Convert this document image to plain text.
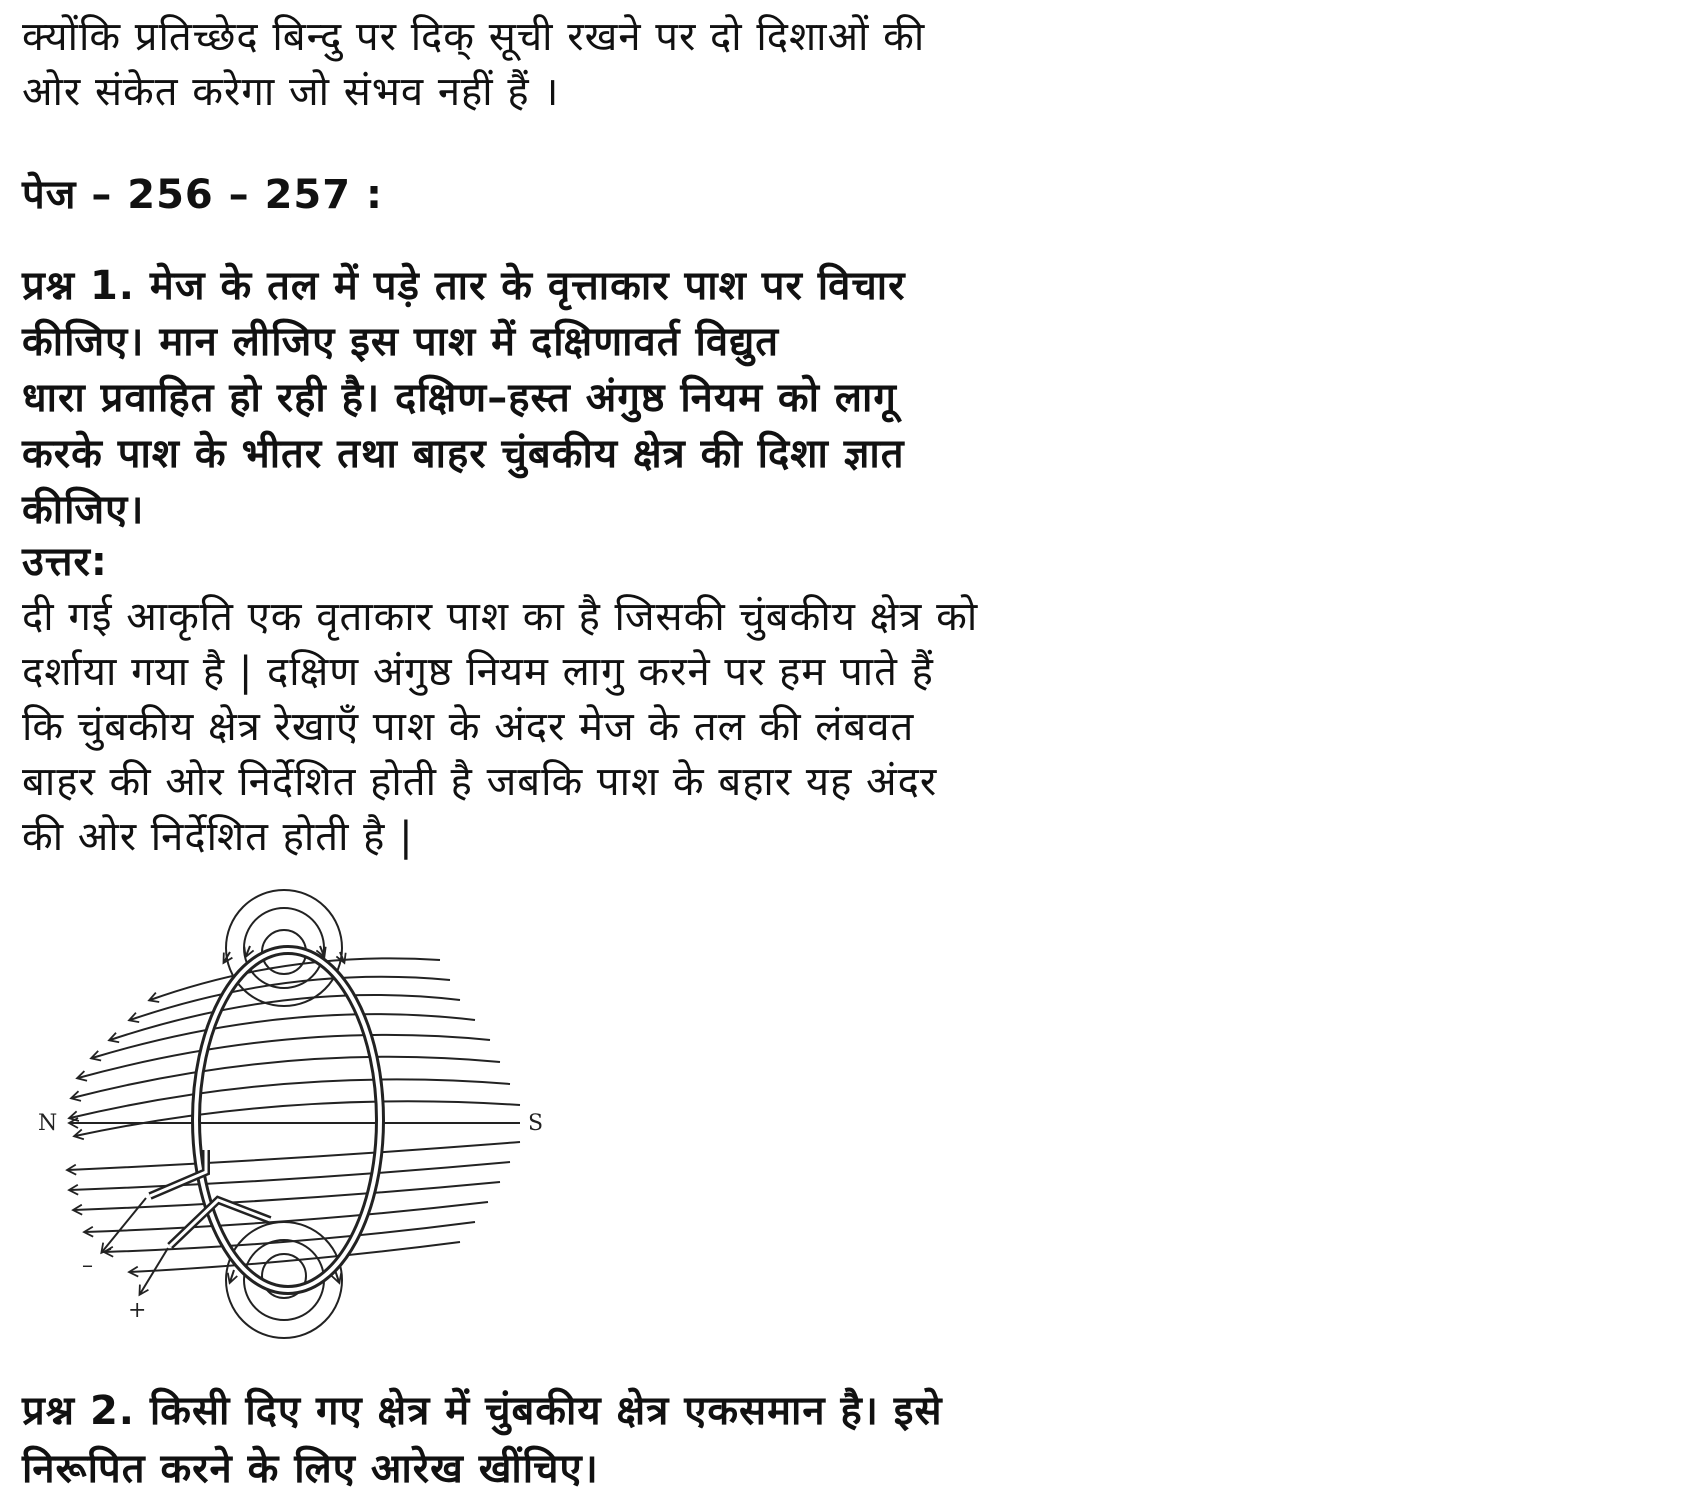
क्योंकि प्रतिच्छेद बिन्दु पर दिक् सूची रखने पर दो दिशाओं की
ओर संकेत करेगा जो संभव नहीं हैं ।
पेज – 256 – 257 :
प्रश्न 1. मेज के तल में पड़े तार के वृत्ताकार पाश पर विचार
कीजिए। मान लीजिए इस पाश में दक्षिणावर्त विद्युत
धारा प्रवाहित हो रही है। दक्षिण–हस्त अंगुष्ठ नियम को लागू
करके पाश के भीतर तथा बाहर चुंबकीय क्षेत्र की दिशा ज्ञात
कीजिए।
उत्तर:
दी गई आकृति एक वृताकार पाश का है जिसकी चुंबकीय क्षेत्र को
दर्शाया गया है | दक्षिण अंगुष्ठ नियम लागु करने पर हम पाते हैं
कि चुंबकीय क्षेत्र रेखाएँ पाश के अंदर मेज के तल की लंबवत
बाहर की ओर निर्देशित होती है जबकि पाश के बहार यह अंदर
की ओर निर्देशित होती है |
N	S
–
+
प्रश्न 2. किसी दिए गए क्षेत्र में चुंबकीय क्षेत्र एकसमान है। इसे
निरूपित करने के लिए आरेख खींचिए।
